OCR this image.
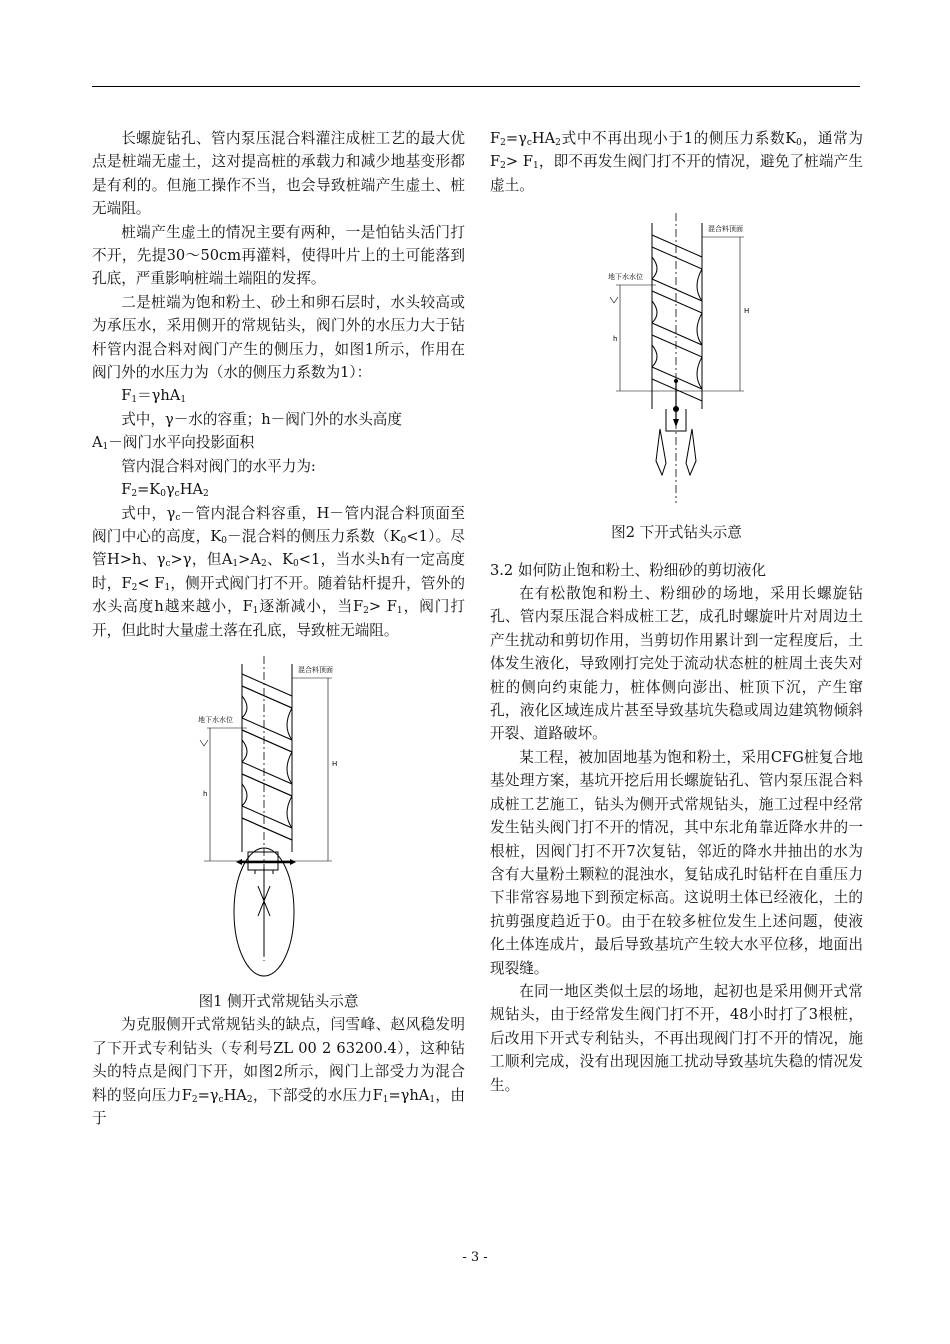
长螺旋钻孔、管内泵压混合料灌注成桩工艺的最大优点是桩端无虚土，这对提高桩的承载力和减少地基变形都是有利的。但施工操作不当，也会导致桩端产生虚土、桩无端阻。

桩端产生虚土的情况主要有两种，一是怕钻头活门打不开，先提30～50cm再灌料，使得叶片上的土可能落到孔底，严重影响桩端土端阻的发挥。

二是桩端为饱和粉土、砂土和卵石层时，水头较高或为承压水，采用侧开的常规钻头，阀门外的水压力大于钻杆管内混合料对阀门产生的侧压力，如图1所示，作用在阀门外的水压力为（水的侧压力系数为1）：

$F_1=\gamma hA_1$

式中，γ－水的容重；h－阀门外的水头高度

$A_1-$阀门水平向投影面积

管内混合料对阀门的水平力为:

$F_2=K_0\gamma_cHA_2$

式中，$\gamma_c-$管内混合料容重，H－管内混合料顶面至阀门中心的高度，$K_0-$混合料的侧压力系数$(K_0<1)$。尽管H>h、$\gamma_c>\gamma$，但$A_1>A_2$、$K_0<1$，当水头h有一定高度时，$F_2< F_1$，侧开式阀门打不开。随着钻杆提升，管外的水头高度h越来越小，$F_1$逐渐减小，当$F_2> F_1$，阀门打开，但此时大量虚土落在孔底，导致桩无端阻。

混合料顶面
地下水水位
H
h

图1 侧开式常规钻头示意

为克服侧开式常规钻头的缺点，闫雪峰、赵风稳发明了下开式专利钻头（专利号ZL 00 2 63200.4），这种钻头的特点是阀门下开，如图2所示，阀门上部受力为混合料的竖向压力$F_2=\gamma_cHA_2$，下部受的水压力$F_1=\gamma hA_1$，由于

$F_2=\gamma_cHA_2$式中不再出现小于1的侧压力系数$K_0$，通常为$F_2> F_1$，即不再发生阀门打不开的情况，避免了桩端产生虚土。

混合料顶面
地下水水位
H
h

图2 下开式钻头示意

3.2 如何防止饱和粉土、粉细砂的剪切液化

在有松散饱和粉土、粉细砂的场地，采用长螺旋钻孔、管内泵压混合料成桩工艺，成孔时螺旋叶片对周边土产生扰动和剪切作用，当剪切作用累计到一定程度后，土体发生液化，导致刚打完处于流动状态桩的桩周土丧失对桩的侧向约束能力，桩体侧向澎出、桩顶下沉，产生窜孔，液化区域连成片甚至导致基坑失稳或周边建筑物倾斜开裂、道路破坏。

某工程，被加固地基为饱和粉土，采用CFG桩复合地基处理方案，基坑开挖后用长螺旋钻孔、管内泵压混合料成桩工艺施工，钻头为侧开式常规钻头，施工过程中经常发生钻头阀门打不开的情况，其中东北角靠近降水井的一根桩，因阀门打不开7次复钻，邻近的降水井抽出的水为含有大量粉土颗粒的混浊水，复钻成孔时钻杆在自重压力下非常容易地下到预定标高。这说明土体已经液化，土的抗剪强度趋近于0。由于在较多桩位发生上述问题，使液化土体连成片，最后导致基坑产生较大水平位移，地面出现裂缝。

在同一地区类似土层的场地，起初也是采用侧开式常规钻头，由于经常发生阀门打不开，48小时打了3根桩，后改用下开式专利钻头，不再出现阀门打不开的情况，施工顺利完成，没有出现因施工扰动导致基坑失稳的情况发生。

- 3 -
